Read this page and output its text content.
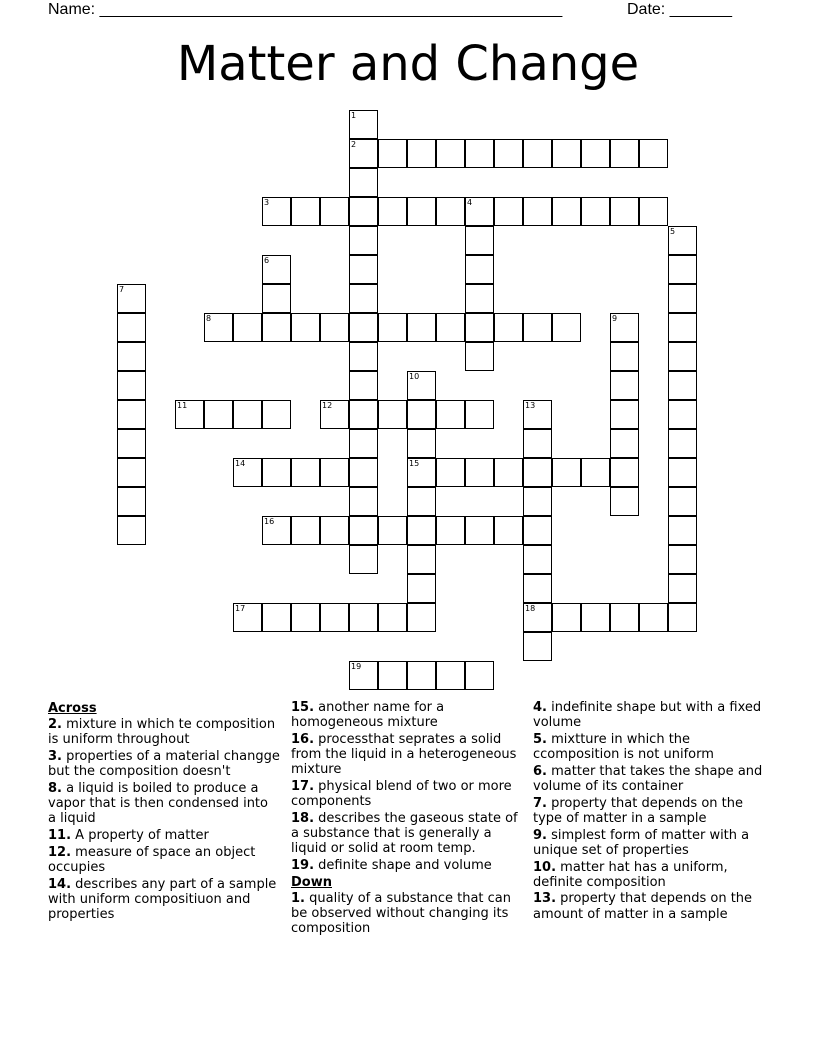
Name: ____________________________________________________	Date: _______
Matter and Change
1
2
3	4
5
6
7
8	9
10
15
11	12	13
18
14
16
17
19
Across
2. mixture in which te composition is uniform throughout
3. properties of a material changge but the composition doesn't
8. a liquid is boiled to produce a vapor that is then condensed into a liquid
11. A property of matter
12. measure of space an object occupies
14. describes any part of a sample with uniform compositiuon and properties
15. another name for a homogeneous mixture
16. processthat seprates a solid from the liquid in a heterogeneous mixture
17. physical blend of two or more components
18. describes the gaseous state of a substance that is generally a liquid or solid at room temp.
19. definite shape and volume
Down
1. quality of a substance that can be observed without changing its composition
4. indefinite shape but with a fixed volume
5. mixtture in which the ccomposition is not uniform
6. matter that takes the shape and volume of its container
7. property that depends on the type of matter in a sample
9. simplest form of matter with a unique set of properties
10. matter hat has a uniform, definite composition
13. property that depends on the amount of matter in a sample
